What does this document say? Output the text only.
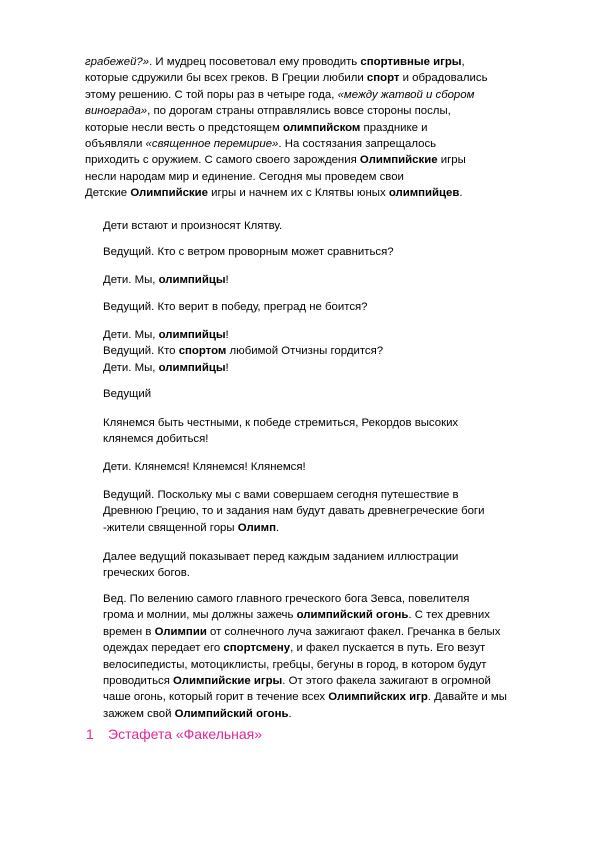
грабежей?». И мудрец посоветовал ему проводить спортивные игры,
которые сдружили бы всех греков. В Греции любили спорт и обрадовались
этому решению. С той поры раз в четыре года, «между жатвой и сбором
винограда», по дорогам страны отправлялись вовсе стороны послы,
которые несли весть о предстоящем олимпийском празднике и
объявляли «священное перемирие». На состязания запрещалось
приходить с оружием. С самого своего зарождения Олимпийские игры
несли народам мир и единение. Сегодня мы проведем свои
Детские Олимпийские игры и начнем их с Клятвы юных олимпийцев.
Дети встают и произносят Клятву.
Ведущий. Кто с ветром проворным может сравниться?
Дети. Мы, олимпийцы!
Ведущий. Кто верит в победу, преград не боится?
Дети. Мы, олимпийцы!
Ведущий. Кто спортом любимой Отчизны гордится?
Дети. Мы, олимпийцы!
Ведущий
Клянемся быть честными, к победе стремиться, Рекордов высоких
клянемся добиться!
Дети. Клянемся! Клянемся! Клянемся!
Ведущий. Поскольку мы с вами совершаем сегодня путешествие в
Древнюю Грецию, то и задания нам будут давать древнегреческие боги
-жители священной горы Олимп.
Далее ведущий показывает перед каждым заданием иллюстрации
греческих богов.
Вед. По велению самого главного греческого бога Зевса, повелителя
грома и молнии, мы должны зажечь олимпийский огонь. С тех древних
времен в Олимпии от солнечного луча зажигают факел. Гречанка в белых
одеждах передает его спортсмену, и факел пускается в путь. Его везут
велосипедисты, мотоциклисты, гребцы, бегуны в город, в котором будут
проводиться Олимпийские игры. От этого факела зажигают в огромной
чаше огонь, который горит в течение всех Олимпийских игр. Давайте и мы
зажжем свой Олимпийский огонь.
1 Эстафета «Факельная»
